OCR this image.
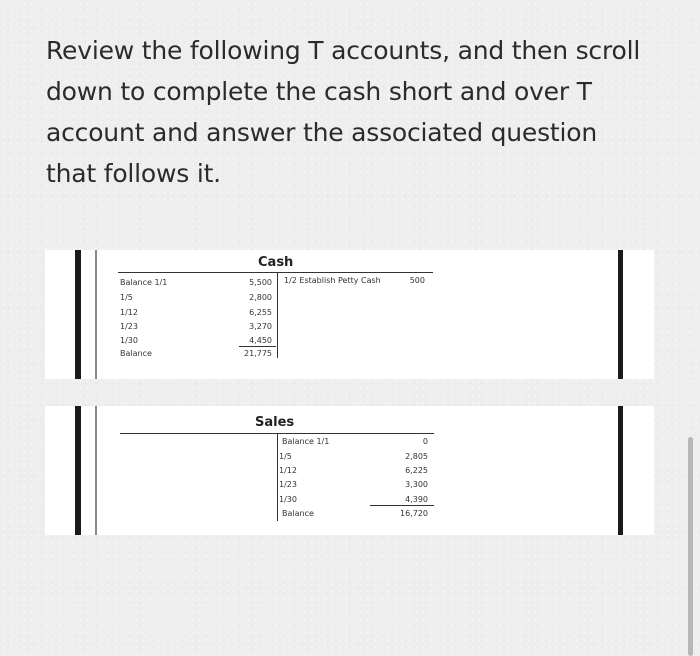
Review the following T accounts, and then scroll down to complete the cash short and over T account and answer the associated question that follows it.
Cash
Balance 1/1	5,500
1/5	2,800
1/12	6,255
1/23	3,270
1/30	4,450
Balance	21,775
1/2 Establish Petty Cash	500
Sales
Balance 1/1	0
1/5	2,805
1/12	6,225
1/23	3,300
1/30	4,390
Balance	16,720
